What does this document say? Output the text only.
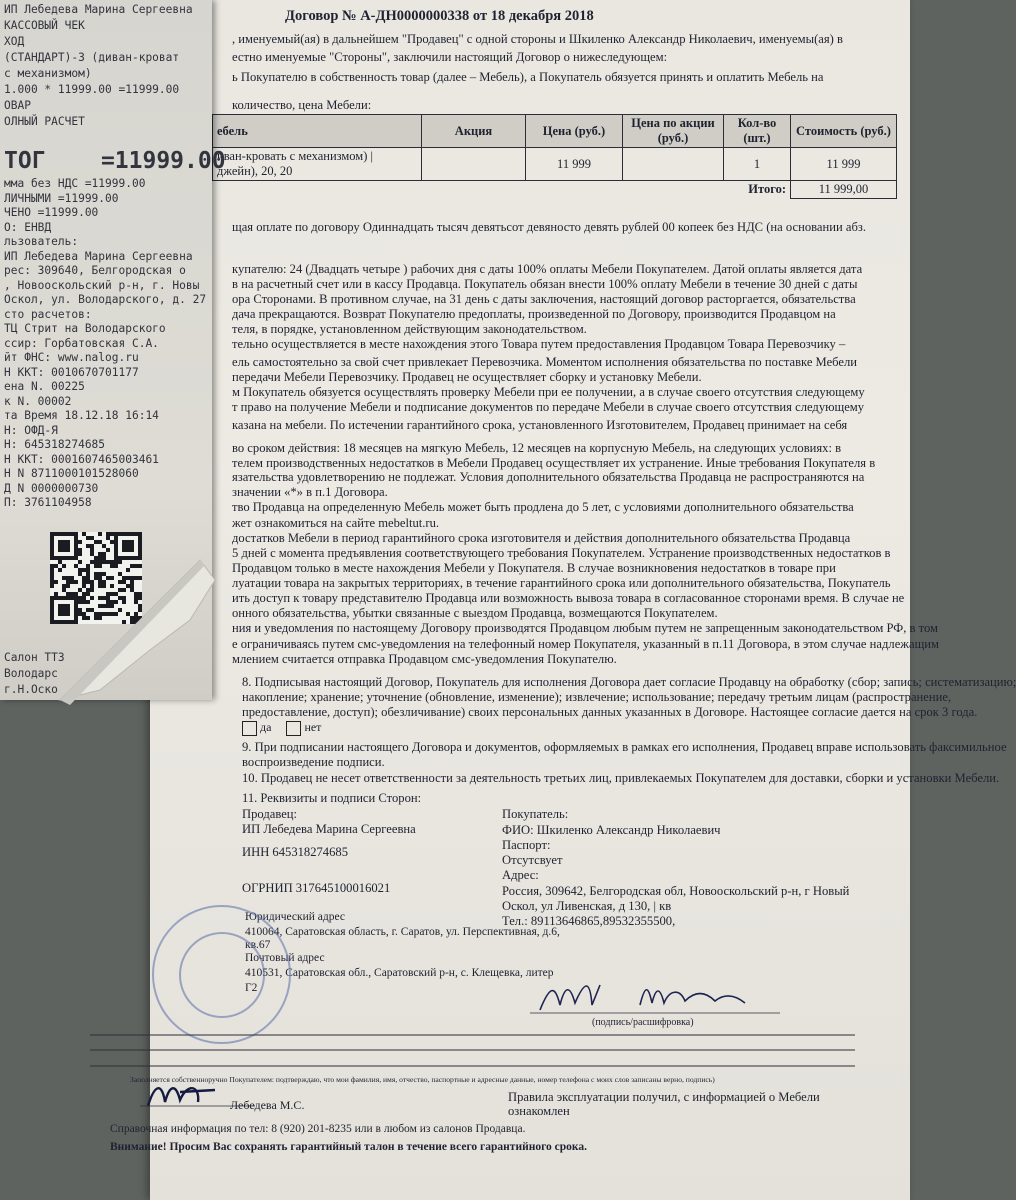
Договор № А-ДН0000000338 от 18 декабря 2018
, именуемый(ая) в дальнейшем "Продавец" с одной стороны и Шкиленко Александр Николаевич, именуемы(ая) в
естно именуемые "Стороны", заключили настоящий Договор о нижеследующем:
ь Покупателю в собственность товар (далее – Мебель), а Покупатель обязуется принять и оплатить Мебель на
количество, цена Мебели:
ебель	Акция	Цена (руб.)	Цена по акции (руб.)	Кол-во (шт.)	Стоимость (руб.)
иван-кровать с механизмом) | джейн), 20, 20		11 999		1	11 999
Итого:					11 999,00
щая оплате по договору Одиннадцать тысяч девятьсот девяносто девять рублей 00 копеек без НДС (на основании абз.
купателю: 24 (Двадцать четыре ) рабочих дня с даты 100% оплаты Мебели Покупателем. Датой оплаты является дата
в на расчетный счет или в кассу Продавца. Покупатель обязан внести 100% оплату Мебели в течение 30 дней с даты
ора Сторонами. В противном случае, на 31 день с даты заключения, настоящий договор расторгается, обязательства
дача прекращаются. Возврат Покупателю предоплаты, произведенной по Договору, производится Продавцом на
теля, в порядке, установленном действующим законодательством.
тельно осуществляется в месте нахождения этого Товара путем предоставления Продавцом Товара Перевозчику –
ель самостоятельно за свой счет привлекает Перевозчика. Моментом исполнения обязательства по поставке Мебели
передачи Мебели Перевозчику. Продавец не осуществляет сборку и установку Мебели.
м Покупатель обязуется осуществлять проверку Мебели при ее получении, а в случае своего отсутствия следующему
т право на получение Мебели и подписание документов по передаче Мебели в случае своего отсутствия следующему
казана на мебели. По истечении гарантийного срока, установленного Изготовителем, Продавец принимает на себя
во сроком действия: 18 месяцев на мягкую Мебель, 12 месяцев на корпусную Мебель, на следующих условиях: в
телем производственных недостатков в Мебели Продавец осуществляет их устранение. Иные требования Покупателя в
язательства удовлетворению не подлежат. Условия дополнительного обязательства Продавца не распространяются на
значении «*» в п.1 Договора.
тво Продавца на определенную Мебель может быть продлена до 5 лет, с условиями дополнительного обязательства
жет ознакомиться на сайте mebeltut.ru.
достатков Мебели в период гарантийного срока изготовителя и действия дополнительного обязательства Продавца
5 дней с момента предъявления соответствующего требования Покупателем. Устранение производственных недостатков в
Продавцом только в месте нахождения Мебели у Покупателя. В случае возникновения недостатков в товаре при
луатации товара на закрытых территориях, в течение гарантийного срока или дополнительного обязательства, Покупатель
ить доступ к товару представителю Продавца или возможность вывоза товара в согласованное сторонами время. В случае не
онного обязательства, убытки связанные с выездом Продавца, возмещаются Покупателем.
ния и уведомления по настоящему Договору производятся Продавцом любым путем не запрещенным законодательством РФ, в том
е ограничиваясь путем смс-уведомления на телефонный номер Покупателя, указанный в п.11 Договора, в этом случае надлежащим
млением считается отправка Продавцом смс-уведомления Покупателю.
8. Подписывая настоящий Договор, Покупатель для исполнения Договора дает согласие Продавцу на обработку (сбор; запись; систематизацию;
накопление; хранение; уточнение (обновление, изменение); извлечение; использование; передачу третьим лицам (распространение,
предоставление, доступ); обезличивание) своих персональных данных указанных в Договоре. Настоящее согласие дается на срок 3 года.
да	нет
9. При подписании настоящего Договора и документов, оформляемых в рамках его исполнения, Продавец вправе использовать факсимильное
воспроизведение подписи.
10. Продавец не несет ответственности за деятельность третьих лиц, привлекаемых Покупателем для доставки, сборки и установки Мебели.
11. Реквизиты и подписи Сторон:
Продавец:
ИП Лебедева Марина Сергеевна
ИНН 645318274685
ОГРНИП 317645100016021
Юридический адрес
410064, Саратовская область, г. Саратов, ул. Перспективная, д.6,
кв.67
Почтовый адрес
410531, Саратовская обл., Саратовский р-н, с. Клещевка, литер
Г2
Покупатель:
ФИО: Шкиленко Александр Николаевич
Паспорт:
Отсутсвует
Адрес:
Россия, 309642, Белгородская обл, Новооскольский р-н, г Новый
Оскол, ул Ливенская, д 130, | кв
Тел.: 89113646865,89532355500,
(подпись/расшифровка)
Заполняется собственноручно Покупателем: подтверждаю, что мои фамилия, имя, отчество, паспортные и адресные данные, номер телефона с моих слов записаны верно, подпись)
Лебедева М.С.
Правила эксплуатации получил, с информацией о Мебели
ознакомлен
Справочная информация по тел: 8 (920) 201-8235 или в любом из салонов Продавца.
Внимание! Просим Вас сохранять гарантийный талон в течение всего гарантийного срока.
ИП Лебедева Марина Сергеевна
КАССОВЫЙ ЧЕК
ХОД
(СТАНДАРТ)-3 (диван-кроват
с механизмом)
1.000 * 11999.00 =11999.00
ОВАР
ОЛНЫЙ РАСЧЕТ
ТОГ =11999.00
мма без НДС =11999.00
ЛИЧНЫМИ =11999.00
ЧЕНО =11999.00
О: ЕНВД
льзователь:
ИП Лебедева Марина Сергеевна
рес: 309640, Белгородская о
, Новооскольский р-н, г. Новы
Оскол, ул. Володарского, д. 27
сто расчетов:
ТЦ Стрит на Володарского
ссир: Горбатовская С.А.
йт ФНС: www.nalog.ru
Н ККТ: 0010670701177
ена N. 00225
к N. 00002
та Время 18.12.18 16:14
Н: ОФД-Я
Н: 645318274685
Н ККТ: 0001607465003461
Н N 8711000101528060
Д N 0000000730
П: 3761104958
Салон ТТЗ
Володарс
г.Н.Оско
